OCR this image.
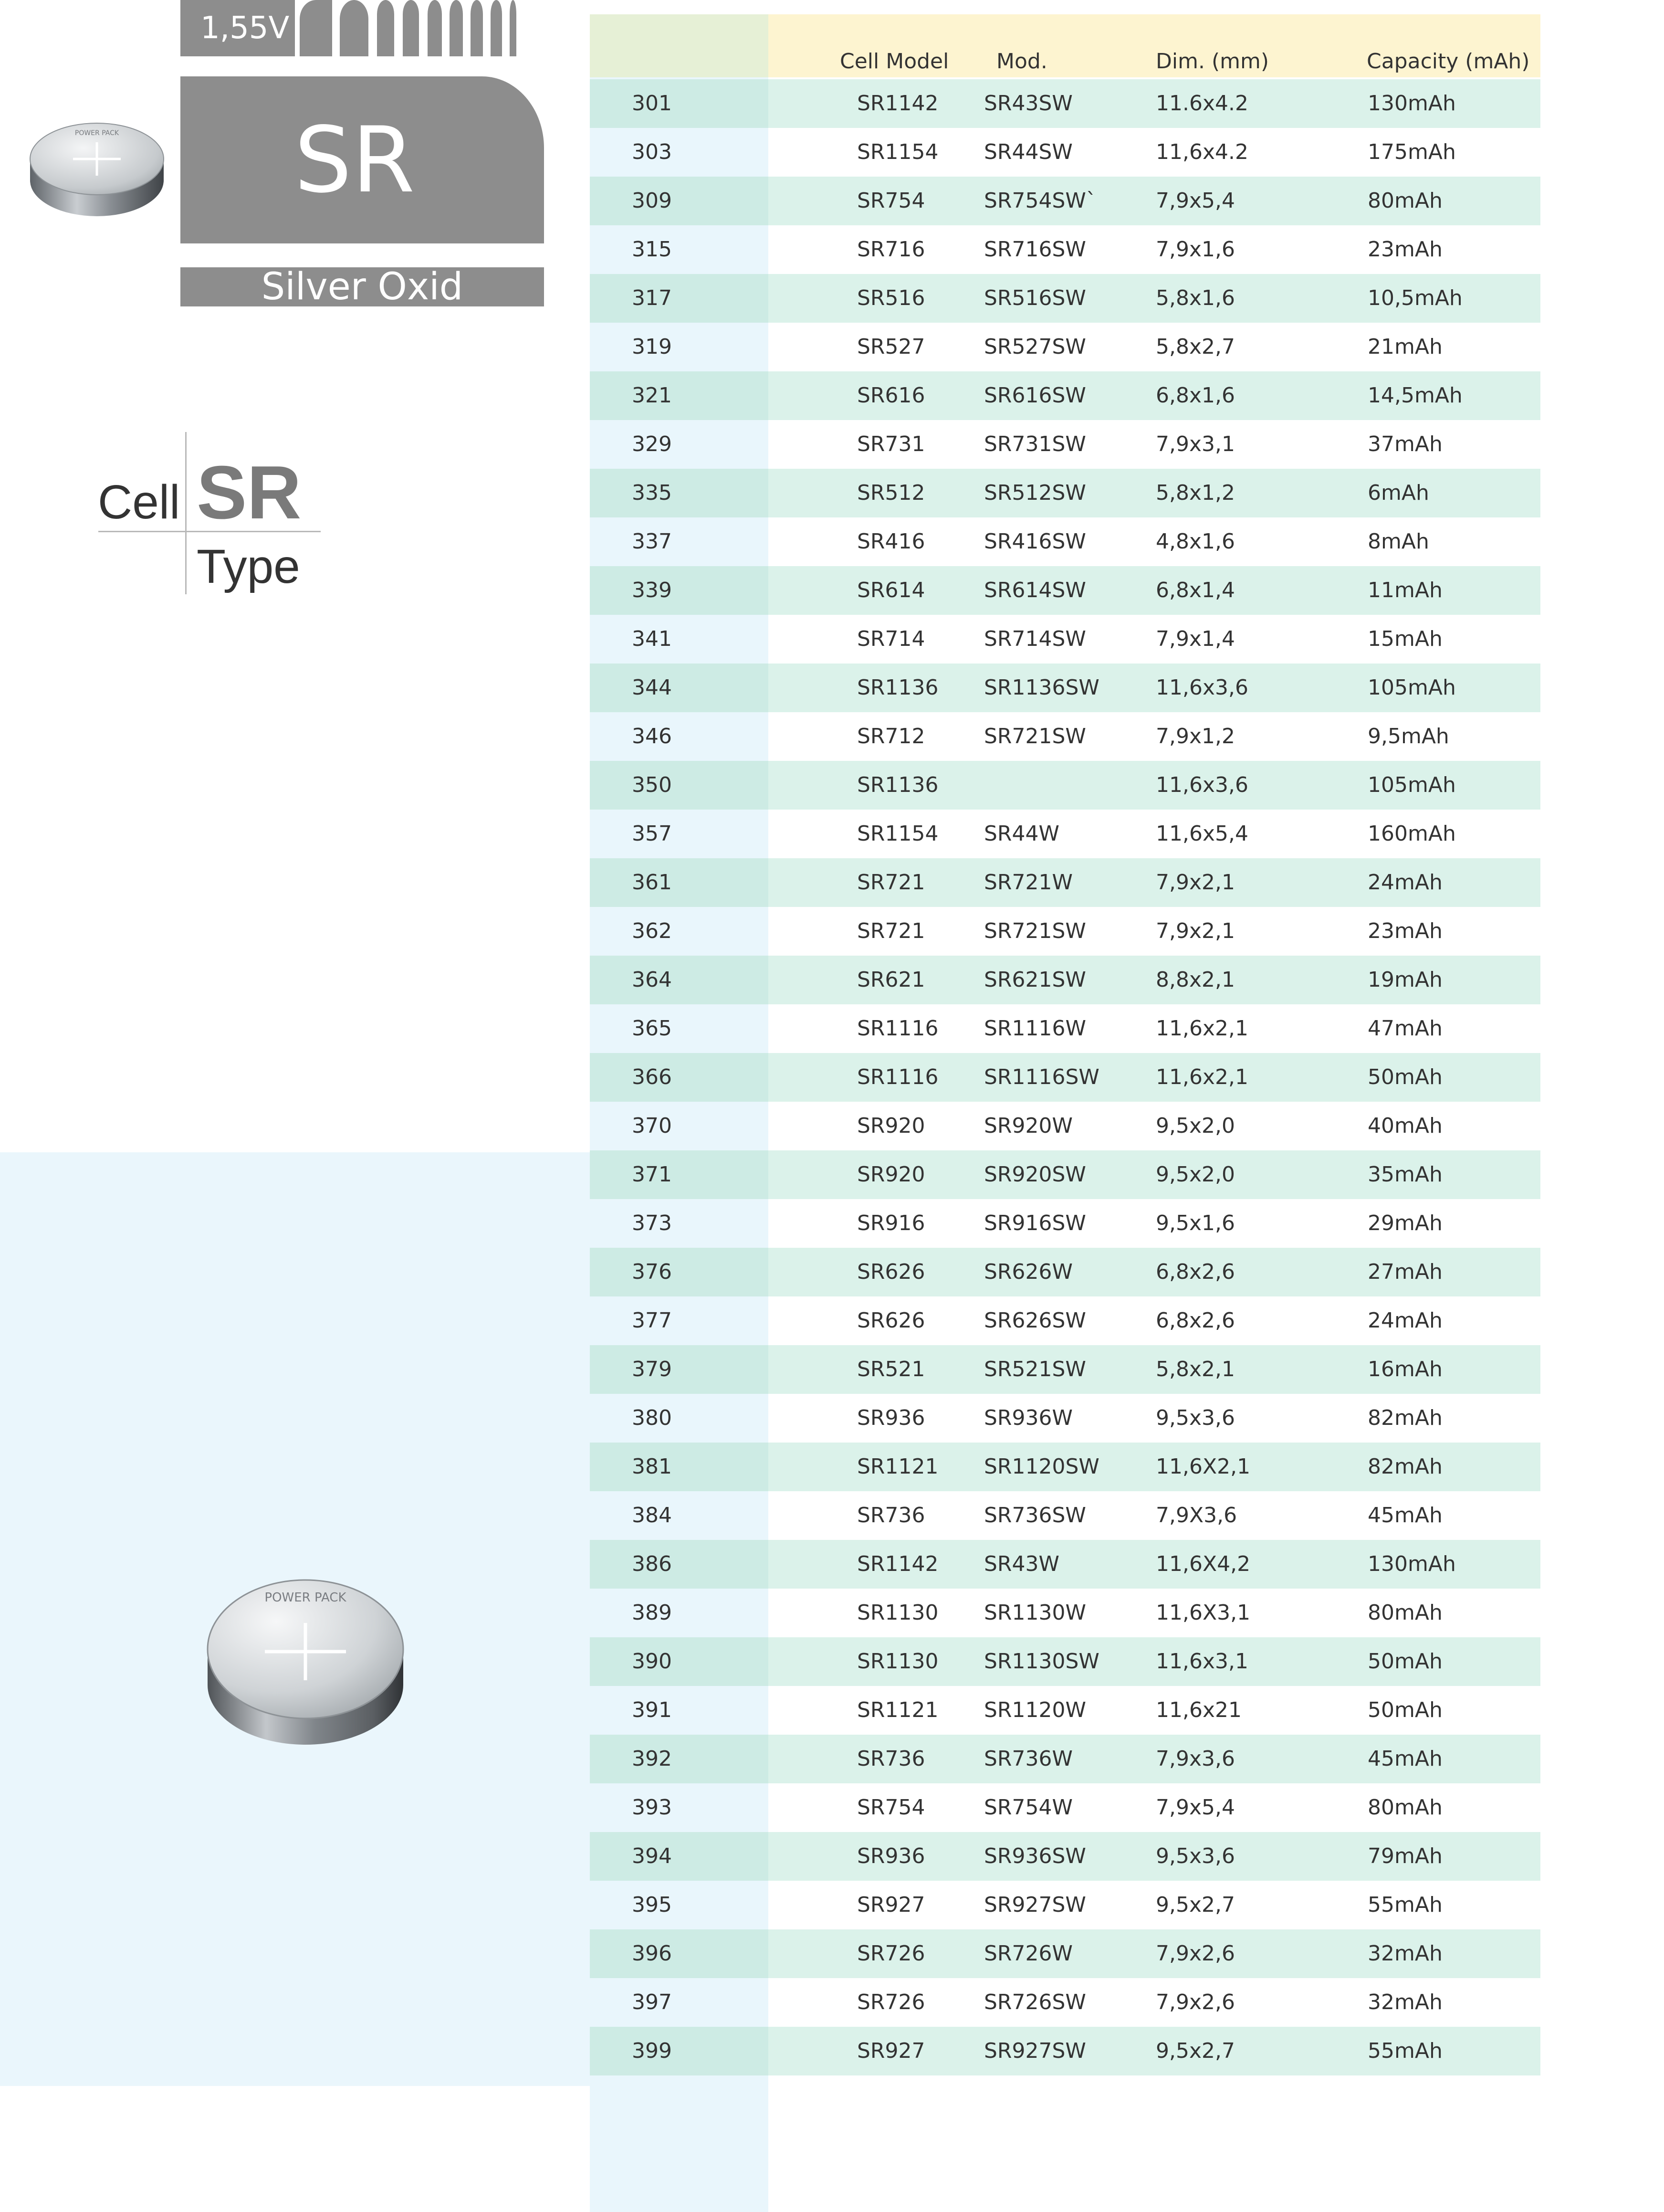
1,55V
SR
Silver Oxid
POWER PACK
Cell SR
Type
POWER PACK
Cell Model Mod.	Dim. (mm)	Capacity (mAh)
301	SR1142 SR43SW	11.6x4.2	130mAh
303	SR1154 SR44SW	11,6x4.2	175mAh
309	SR754	SR754SW`	7,9x5,4	80mAh
315	SR716	SR716SW	7,9x1,6	23mAh
317	SR516	SR516SW	5,8x1,6	10,5mAh
319	SR527	SR527SW	5,8x2,7	21mAh
321	SR616	SR616SW	6,8x1,6	14,5mAh
329	SR731	SR731SW	7,9x3,1	37mAh
335	SR512	SR512SW	5,8x1,2	6mAh
337	SR416	SR416SW	4,8x1,6	8mAh
339	SR614	SR614SW	6,8x1,4	11mAh
341	SR714	SR714SW	7,9x1,4	15mAh
344	SR1136 SR1136SW	11,6x3,6	105mAh
346	SR712	SR721SW	7,9x1,2	9,5mAh
350	SR1136	11,6x3,6	105mAh
357	SR1154 SR44W	11,6x5,4	160mAh
361	SR721	SR721W	7,9x2,1	24mAh
362	SR721	SR721SW	7,9x2,1	23mAh
364	SR621	SR621SW	8,8x2,1	19mAh
365	SR1116 SR1116W	11,6x2,1	47mAh
366	SR1116 SR1116SW	11,6x2,1	50mAh
370	SR920	SR920W	9,5x2,0	40mAh
371	SR920	SR920SW	9,5x2,0	35mAh
373	SR916	SR916SW	9,5x1,6	29mAh
376	SR626	SR626W	6,8x2,6	27mAh
377	SR626	SR626SW	6,8x2,6	24mAh
379	SR521	SR521SW	5,8x2,1	16mAh
380	SR936	SR936W	9,5x3,6	82mAh
381	SR1121 SR1120SW	11,6X2,1	82mAh
384	SR736	SR736SW	7,9X3,6	45mAh
386	SR1142 SR43W	11,6X4,2	130mAh
389	SR1130 SR1130W	11,6X3,1	80mAh
390	SR1130 SR1130SW	11,6x3,1	50mAh
391	SR1121 SR1120W	11,6x21	50mAh
392	SR736	SR736W	7,9x3,6	45mAh
393	SR754	SR754W	7,9x5,4	80mAh
394	SR936	SR936SW	9,5x3,6	79mAh
395	SR927	SR927SW	9,5x2,7	55mAh
396	SR726	SR726W	7,9x2,6	32mAh
397	SR726	SR726SW	7,9x2,6	32mAh
399	SR927	SR927SW	9,5x2,7	55mAh
